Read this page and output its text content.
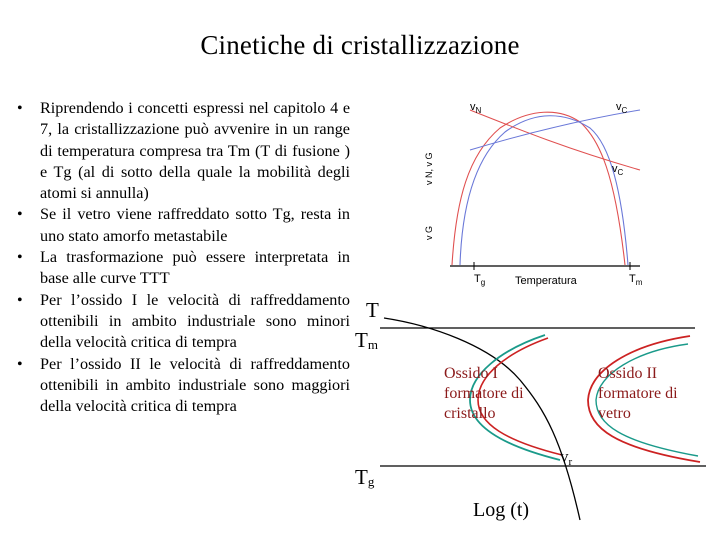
Cinetiche di cristallizzazione
• Riprendendo i concetti espressi nel capitolo 4 e 7, la cristallizzazione può avvenire in un range di temperatura compresa tra Tm (T di fusione ) e Tg (al di sotto della quale la mobilità degli atomi si annulla)
• Se il vetro viene raffreddato sotto Tg, resta in uno stato amorfo metastabile
• La trasformazione può essere interpretata in base alle curve TTT
• Per l’ossido I le velocità di raffreddamento ottenibili in ambito industriale sono minori della velocità critica di tempra
• Per l’ossido II le velocità di raffreddamento ottenibili in ambito industriale sono maggiori della velocità critica di tempra
$v_N$	$v_C$
$v_C$
v N, v G
v G
Temperatura
$T_g$	$T_m$
T
Tm
Tg
Log (t)
vr
Ossido I formatore di cristallo
Ossido II formatore di vetro
